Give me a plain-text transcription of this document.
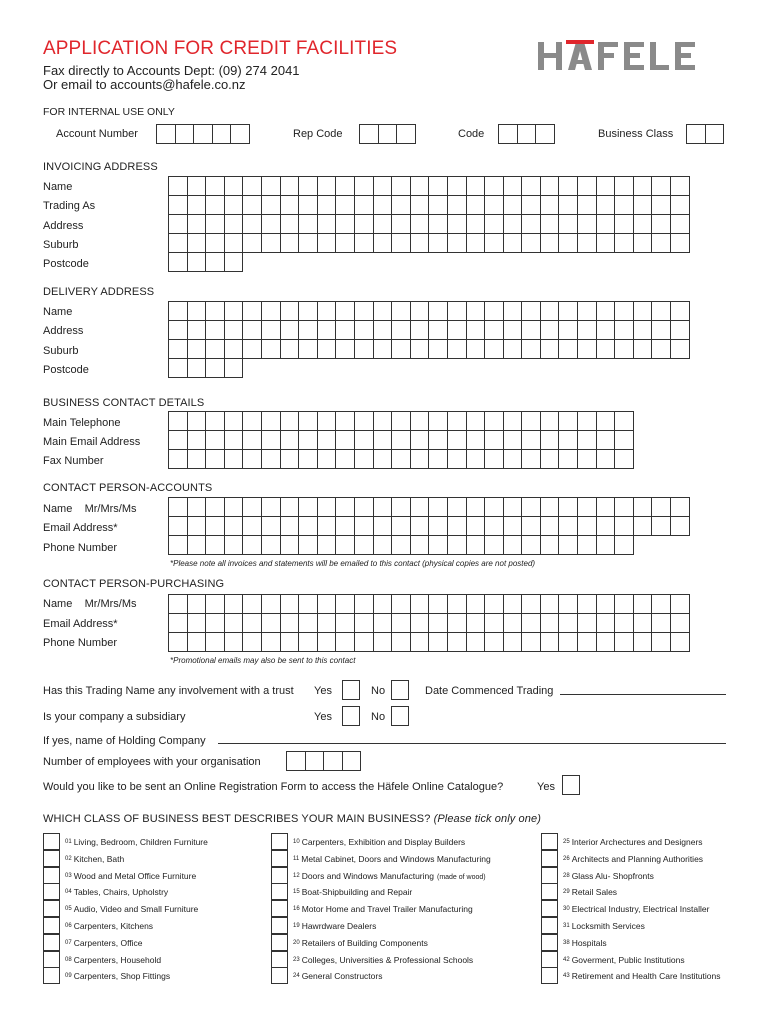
APPLICATION FOR CREDIT FACILITIES
Fax directly to Accounts Dept: (09) 274 2041
Or email to accounts@hafele.co.nz
FOR INTERNAL USE ONLY
Account Number	Rep Code	Code	Business Class
INVOICING ADDRESS
Name
Trading As
Address
Suburb
Postcode
DELIVERY ADDRESS
Name
Address
Suburb
Postcode
BUSINESS CONTACT DETAILS
Main Telephone
Main Email Address
Fax Number
CONTACT PERSON-ACCOUNTS
Name    Mr/Mrs/Ms
Email Address*
Phone Number
*Please note all invoices and statements will be emailed to this contact (physical copies are not posted)
CONTACT PERSON-PURCHASING
Name    Mr/Mrs/Ms
Email Address*
Phone Number
*Promotional emails may also be sent to this contact
Has this Trading Name any involvement with a trust Yes	No	Date Commenced Trading
Is your company a subsidiary	Yes	No
If yes, name of Holding Company
Number of employees with your organisation
Would you like to be sent an Online Registration Form to access the Häfele Online Catalogue?	Yes
WHICH CLASS OF BUSINESS BEST DESCRIBES YOUR MAIN BUSINESS? (Please tick only one)
$^{01}$ Living, Bedroom, Children Furniture
$^{02}$ Kitchen, Bath
$^{03}$ Wood and Metal Office Furniture
$^{04}$ Tables, Chairs, Upholstry
$^{05}$ Audio, Video and Small Furniture
$^{06}$ Carpenters, Kitchens
$^{07}$ Carpenters, Office
$^{08}$ Carpenters, Household
$^{09}$ Carpenters, Shop Fittings
$^{10}$ Carpenters, Exhibition and Display Builders
$^{11}$ Metal Cabinet, Doors and Windows Manufacturing
$^{12}$ Doors and Windows Manufacturing (made of wood)
$^{15}$ Boat-Shipbuilding and Repair
$^{16}$ Motor Home and Travel Trailer Manufacturing
$^{19}$ Hawrdware Dealers
$^{20}$ Retailers of Building Components
$^{23}$ Colleges, Universities & Professional Schools
$^{24}$ General Constructors
$^{25}$ Interior Archectures and Designers
$^{26}$ Architects and Planning Authorities
$^{28}$ Glass Alu- Shopfronts
$^{29}$ Retail Sales
$^{30}$ Electrical Industry, Electrical Installer
$^{31}$ Locksmith Services
$^{38}$ Hospitals
$^{42}$ Goverment, Public Institutions
$^{43}$ Retirement and Health Care Institutions
